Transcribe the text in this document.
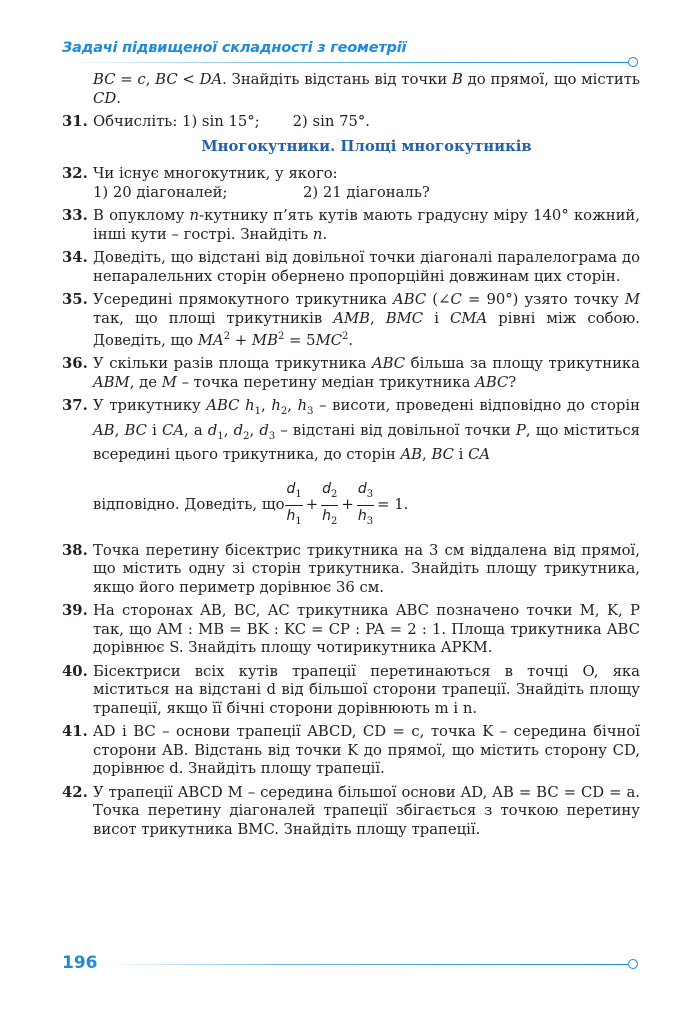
Задачі підвищеної складності з геометрії
BC = c, BC < DA. Знайдіть відстань від точки B до прямої, що містить CD.
31. Обчисліть: 1) sin 15°;       2) sin 75°.
Многокутники. Площі многокутників
32. Чи існує многокутник, у якого:
1) 20 діагоналей;	2) 21 діагональ?
33. В опуклому n-кутнику п’ять кутів мають градусну міру 140° кожний, інші кути – гострі. Знайдіть n.
34. Доведіть, що відстані від довільної точки діагоналі паралелограма до непаралельних сторін обернено пропорційні довжинам цих сторін.
35. Усередині прямокутного трикутника ABC (∠C = 90°) узято точку M так, що площі трикутників AMB, BMC і CMA рівні між собою. Доведіть, що $MA^2 + MB^2 = 5MC^2$.
36. У скільки разів площа трикутника ABC більша за площу трикутника ABM, де M – точка перетину медіан трикутника ABC?
37. У трикутнику ABC $h_1$, $h_2$, $h_3$ – висоти, проведені відповідно до сторін AB, BC і CA, а $d_1$, $d_2$, $d_3$ – відстані від довільної точки P, що міститься всередині цього трикутника, до сторін AB, BC і CA
відповідно. Доведіть, що $\frac{d_1}{h_1} + \frac{d_2}{h_2} + \frac{d_3}{h_3} = 1$.
38. Точка перетину бісектрис трикутника на 3 см віддалена від прямої, що містить одну зі сторін трикутника. Знайдіть площу трикутника, якщо його периметр дорівнює 36 см.
39. На сторонах AB, BC, AC трикутника ABC позначено точки M, K, P так, що AM : MB = BK : KC = CP : PA = 2 : 1. Площа трикутника ABC дорівнює S. Знайдіть площу чотирикутника APKM.
40. Бісектриси всіх кутів трапеції перетинаються в точці O, яка міститься на відстані d від більшої сторони трапеції. Знайдіть площу трапеції, якщо її бічні сторони дорівнюють m і n.
41. AD і BC – основи трапеції ABCD, CD = c, точка K – середина бічної сторони AB. Відстань від точки K до прямої, що містить сторону CD, дорівнює d. Знайдіть площу трапеції.
42. У трапеції ABCD M – середина більшої основи AD, AB = BC = CD = a. Точка перетину діагоналей трапеції збігається з точкою перетину висот трикутника BMC. Знайдіть площу трапеції.
196
